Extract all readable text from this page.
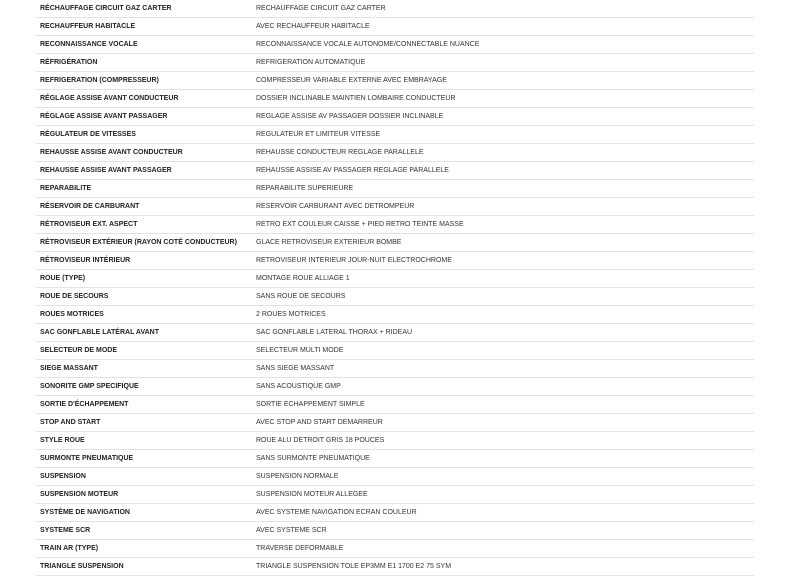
RÉCHAUFFAGE CIRCUIT GAZ CARTER	RECHAUFFAGE CIRCUIT GAZ CARTER
RECHAUFFEUR HABITACLE	AVEC RECHAUFFEUR HABITACLE
RECONNAISSANCE VOCALE	RECONNAISSANCE VOCALE AUTONOME/CONNECTABLE NUANCE
RÉFRIGÉRATION	REFRIGERATION AUTOMATIQUE
REFRIGERATION (COMPRESSEUR)	COMPRESSEUR VARIABLE EXTERNE AVEC EMBRAYAGE
RÉGLAGE ASSISE AVANT CONDUCTEUR	DOSSIER INCLINABLE MAINTIEN LOMBAIRE CONDUCTEUR
RÉGLAGE ASSISE AVANT PASSAGER	REGLAGE ASSISE AV PASSAGER DOSSIER INCLINABLE
RÉGULATEUR DE VITESSES	REGULATEUR ET LIMITEUR VITESSE
REHAUSSE ASSISE AVANT CONDUCTEUR	REHAUSSE CONDUCTEUR REGLAGE PARALLELE
REHAUSSE ASSISE AVANT PASSAGER	REHAUSSE ASSISE AV PASSAGER REGLAGE PARALLELE
REPARABILITE	REPARABILITE SUPERIEURE
RÉSERVOIR DE CARBURANT	RESERVOIR CARBURANT AVEC DETROMPEUR
RÉTROVISEUR EXT. ASPECT	RETRO EXT COULEUR CAISSE + PIED RETRO TEINTE MASSE
RÉTROVISEUR EXTÉRIEUR (RAYON COTÉ CONDUCTEUR)	GLACE RETROVISEUR EXTERIEUR BOMBE
RÉTROVISEUR INTÉRIEUR	RETROVISEUR INTERIEUR JOUR-NUIT ELECTROCHROME
ROUE (TYPE)	MONTAGE ROUE ALLIAGE 1
ROUE DE SECOURS	SANS ROUE DE SECOURS
ROUES MOTRICES	2 ROUES MOTRICES
SAC GONFLABLE LATÉRAL AVANT	SAC GONFLABLE LATERAL THORAX + RIDEAU
SELECTEUR DE MODE	SELECTEUR MULTI MODE
SIEGE MASSANT	SANS SIEGE MASSANT
SONORITE GMP SPECIFIQUE	SANS ACOUSTIQUE GMP
SORTIE D'ÉCHAPPEMENT	SORTIE ECHAPPEMENT SIMPLE
STOP AND START	AVEC STOP AND START DEMARREUR
STYLE ROUE	ROUE ALU DETROIT GRIS 18 POUCES
SURMONTE PNEUMATIQUE	SANS SURMONTE PNEUMATIQUE
SUSPENSION	SUSPENSION NORMALE
SUSPENSION MOTEUR	SUSPENSION MOTEUR ALLEGEE
SYSTÈME DE NAVIGATION	AVEC SYSTEME NAVIGATION ECRAN COULEUR
SYSTEME SCR	AVEC SYSTEME SCR
TRAIN AR (TYPE)	TRAVERSE DEFORMABLE
TRIANGLE SUSPENSION	TRIANGLE SUSPENSION TOLE EP3MM E1 1700 E2 75 SYM
